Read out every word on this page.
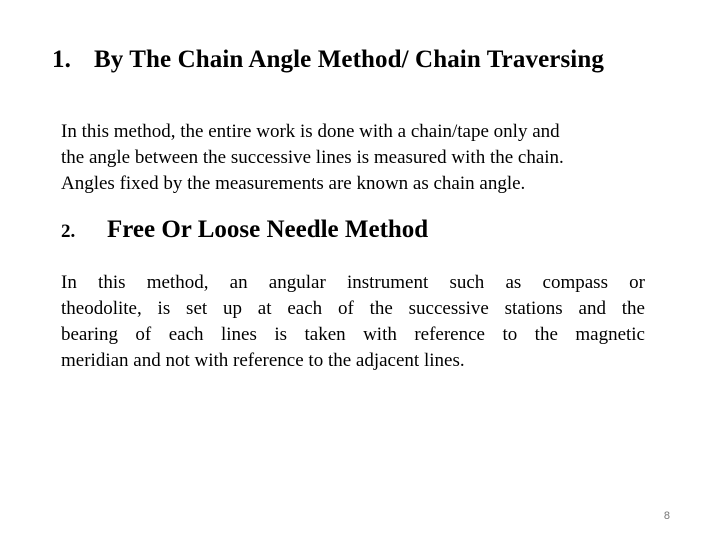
1. By The Chain Angle Method/ Chain Traversing
In this method, the entire work is done with a chain/tape only and
the angle between the successive lines is measured with the chain.
Angles fixed by the measurements are known as chain angle.
2. Free Or Loose Needle Method
In this method, an angular instrument such as compass or
theodolite, is set up at each of the successive stations and the
bearing of each lines is taken with reference to the magnetic
meridian and not with reference to the adjacent lines.
8
